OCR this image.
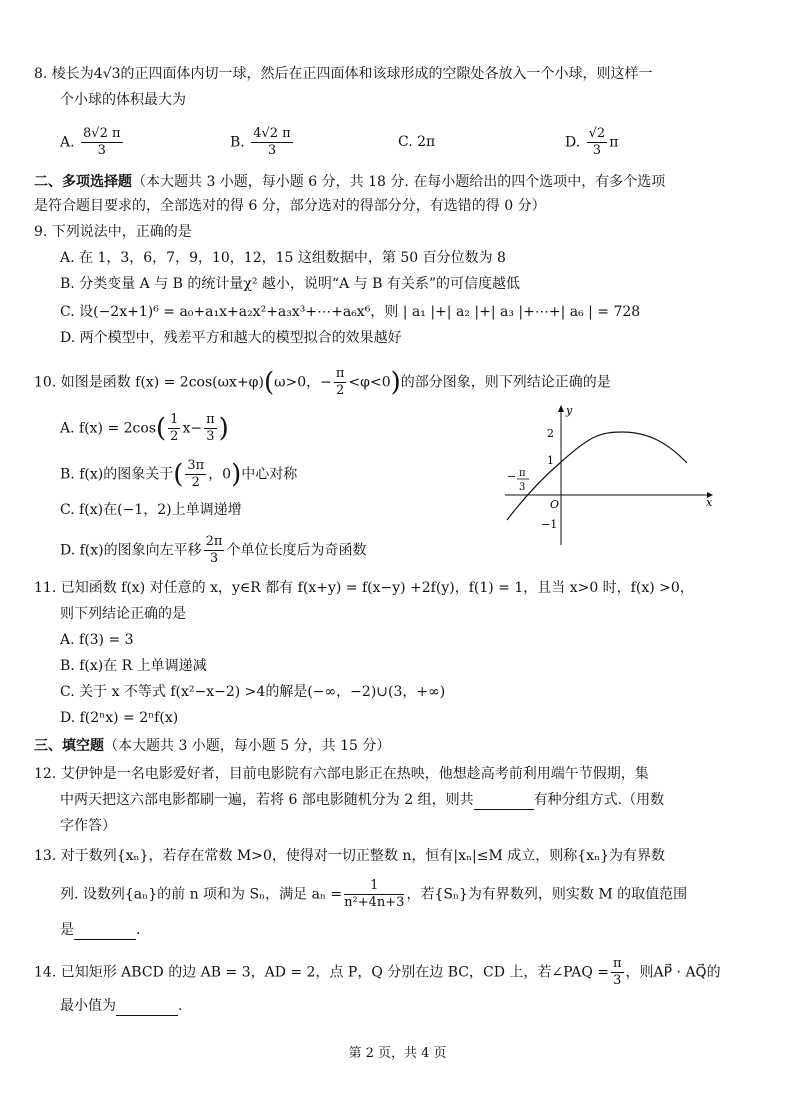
8. 棱长为4√3的正四面体内切一球，然后在正四面体和该球形成的空隙处各放入一个小球，则这样一
个小球的体积最大为
A. $\frac{8√2 \pi}{3}$	B. $\frac{4√2 \pi}{3}$	C. 2π	D. $\frac{√2}{3}$ π
二、多项选择题（本大题共 3 小题，每小题 6 分，共 18 分. 在每小题给出的四个选项中，有多个选项
是符合题目要求的，全部选对的得 6 分，部分选对的得部分分，有选错的得 0 分）
9. 下列说法中，正确的是
A. 在 1，3，6，7，9，10，12，15 这组数据中，第 50 百分位数为 8
B. 分类变量 A 与 B 的统计量χ² 越小，说明“A 与 B 有关系”的可信度越低
C. 设(−2x+1)⁶ = a₀+a₁x+a₂x²+a₃x³+⋯+a₆x⁶，则 | a₁ |+| a₂ |+| a₃ |+⋯+| a₆ | = 728
D. 两个模型中，残差平方和越大的模型拟合的效果越好
10. 如图是函数 f(x) = 2cos(ωx+φ)(ω>0，− $\frac{\pi}{2} <\varphi<0$)的部分图象，则下列结论正确的是
A. $f(x) = 2\cos( \frac{1}{2} x- \frac{\pi}{3}$ )
B. f(x)的图象关于( $\frac{3\pi}{2}$ ，0)中心对称
C. f(x)在(−1，2)上单调递增
D. f(x)的图象向左平移 $\frac{2\pi}{3}$ 个单位长度后为奇函数
y
x
O
2
1
−1
− π
3
11. 已知函数 f(x) 对任意的 x，y∈R 都有 f(x+y) = f(x−y) +2f(y)，f(1) = 1，且当 x>0 时，f(x) >0，
则下列结论正确的是
A. f(3) = 3
B. f(x)在 R 上单调递减
C. 关于 x 不等式 f(x²−x−2) >4的解是(−∞，−2)∪(3，+∞)
D. f(2ⁿx) = 2ⁿf(x)
三、填空题（本大题共 3 小题，每小题 5 分，共 15 分）
12. 艾伊钟是一名电影爱好者，目前电影院有六部电影正在热映，他想趁高考前利用端午节假期，集
中两天把这六部电影都刷一遍，若将 6 部电影随机分为 2 组，则共	有种分组方式.（用数
字作答）
13. 对于数列{xₙ}，若存在常数 M>0，使得对一切正整数 n，恒有|xₙ|≤M 成立，则称{xₙ}为有界数
列. 设数列{aₙ}的前 n 项和为 Sₙ，满足 $a_n = \frac{1}{\text{n²+4n+3}}$ ，若{Sₙ}为有界数列，则实数 M 的取值范围
是	.
14. 已知矩形 ABCD 的边 AB = 3，AD = 2，点 P，Q 分别在边 BC，CD 上，若∠PAQ = $\frac{\pi}{3}$ ，则AP⃗ · AQ⃗的
最小值为	.
第 2 页，共 4 页
